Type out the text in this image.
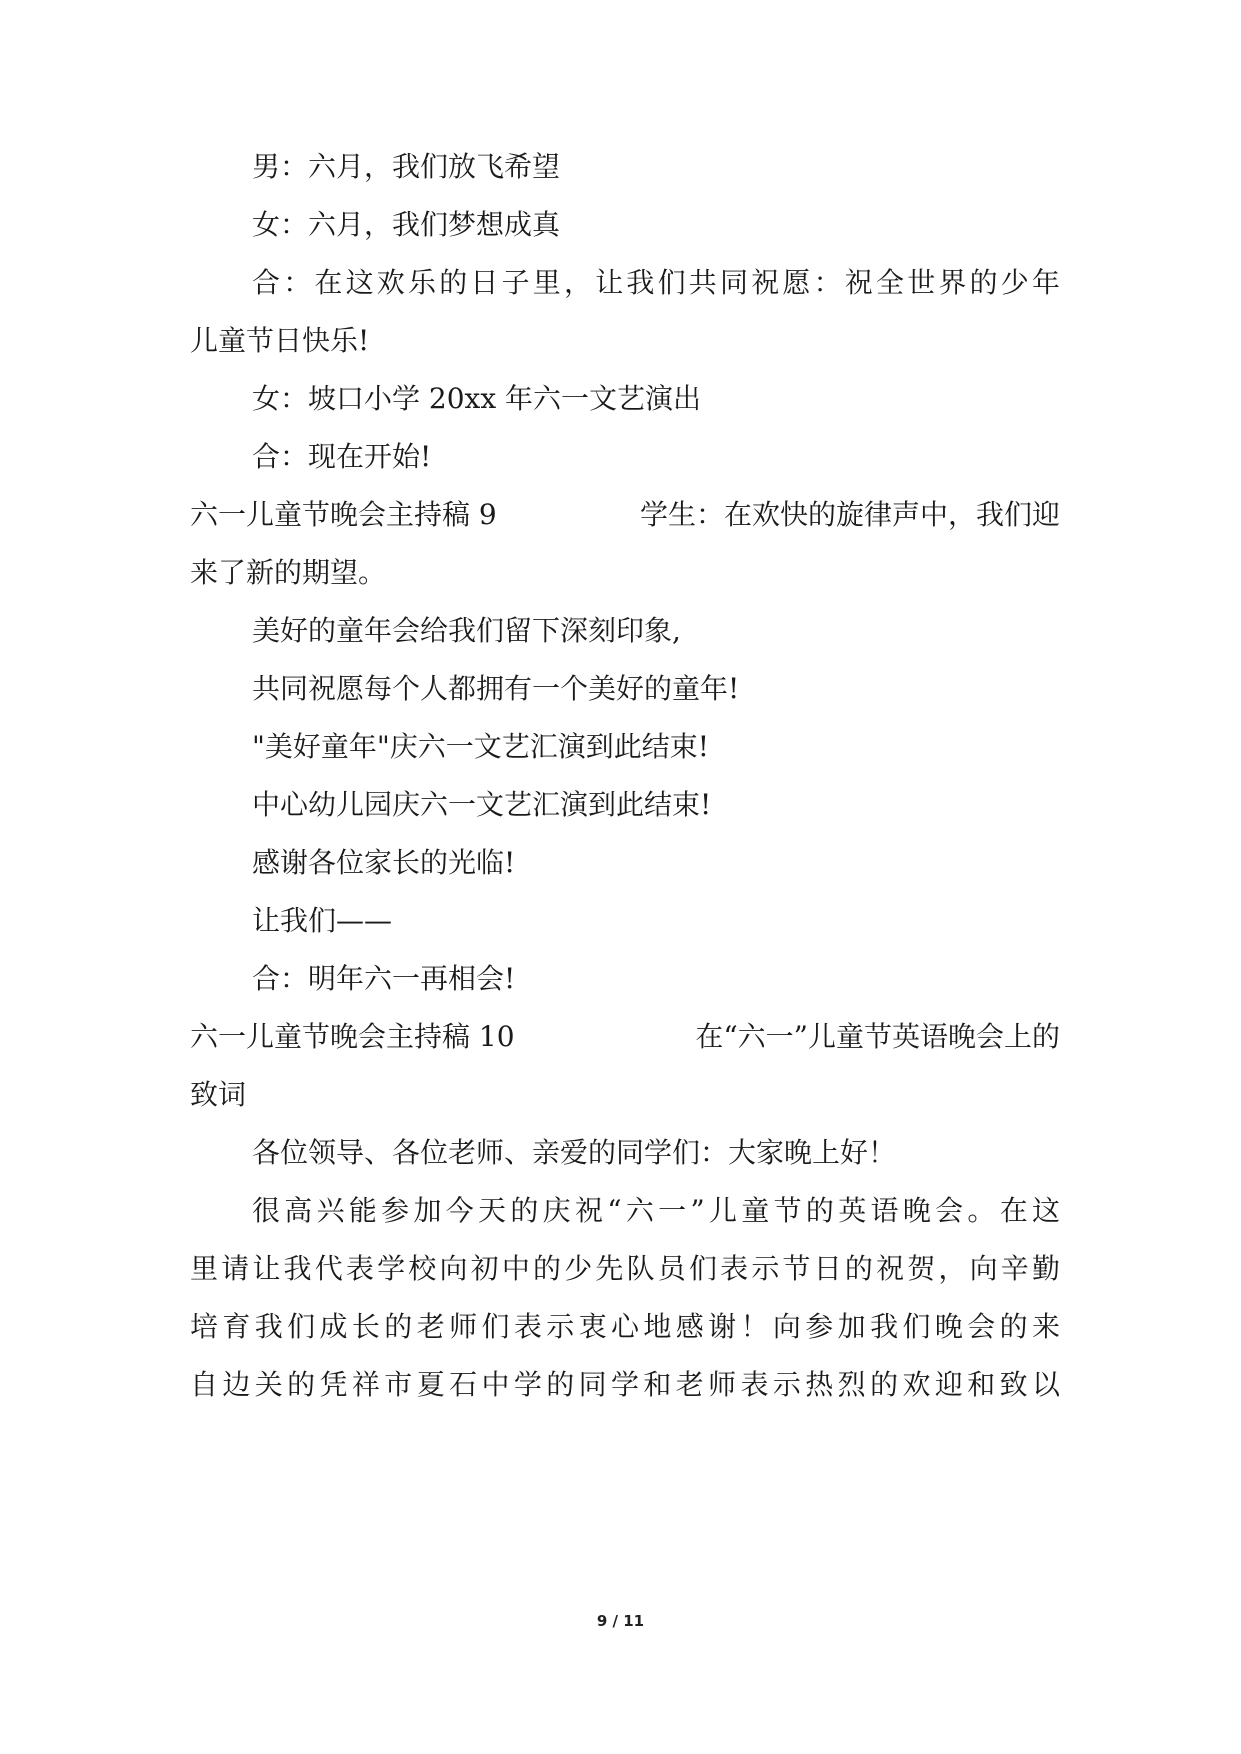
男：六月，我们放飞希望
女：六月，我们梦想成真
合：在这欢乐的日子里，让我们共同祝愿：祝全世界的少年
儿童节日快乐!
女：坡口小学 20xx 年六一文艺演出
合：现在开始!
六一儿童节晚会主持稿 9	学生：在欢快的旋律声中，我们迎
来了新的期望。
美好的童年会给我们留下深刻印象,
共同祝愿每个人都拥有一个美好的童年!
"美好童年"庆六一文艺汇演到此结束!
中心幼儿园庆六一文艺汇演到此结束!
感谢各位家长的光临!
让我们——
合：明年六一再相会!
六一儿童节晚会主持稿 10	在“六一”儿童节英语晚会上的
致词
各位领导、各位老师、亲爱的同学们：大家晚上好！
很高兴能参加今天的庆祝“六一”儿童节的英语晚会。在这
里请让我代表学校向初中的少先队员们表示节日的祝贺，向辛勤
培育我们成长的老师们表示衷心地感谢！向参加我们晚会的来
自边关的凭祥市夏石中学的同学和老师表示热烈的欢迎和致以
9 / 11
